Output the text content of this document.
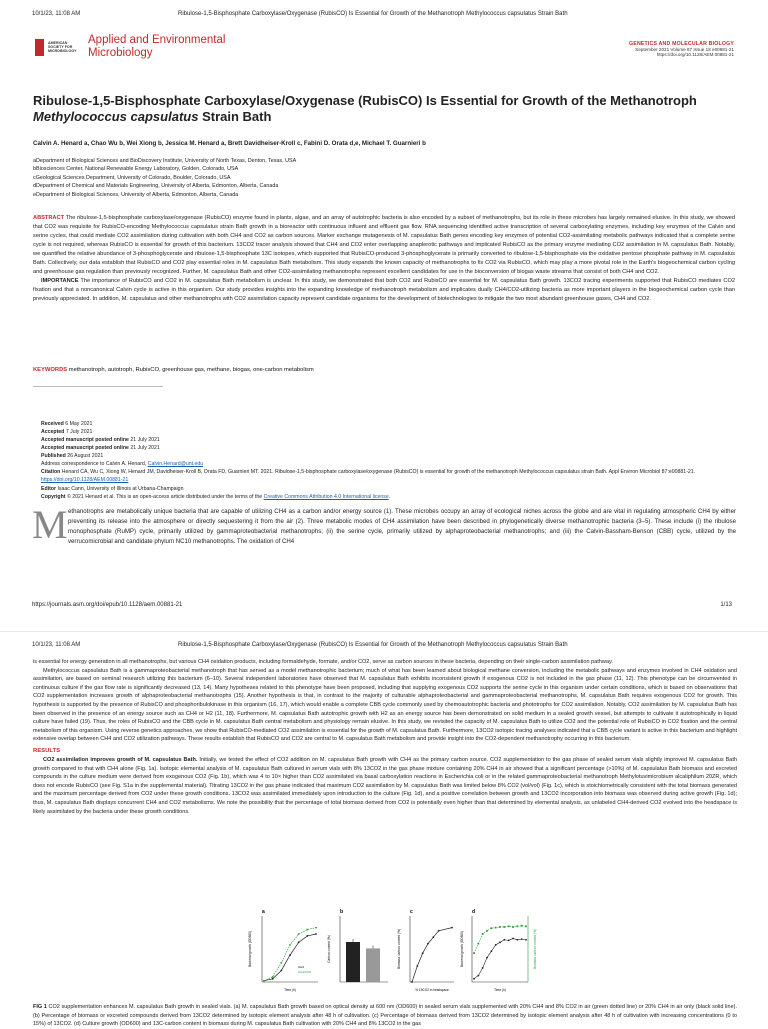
10/1/23, 11:08 AM	Ribulose-1,5-Bisphosphate Carboxylase/Oxygenase (RubisCO) Is Essential for Growth of the Methanotroph Methylococcus capsulatus Strain Bath
AMERICAN SOCIETY FOR MICROBIOLOGY
Applied and Environmental
Microbiology
GENETICS AND MOLECULAR BIOLOGY
September 2021 Volume 87 Issue 18 e00881-21
https://doi.org/10.1128/AEM.00881-21
Ribulose-1,5-Bisphosphate Carboxylase/Oxygenase (RubisCO) Is Essential for Growth of the Methanotroph Methylococcus capsulatus Strain Bath
Calvin A. Henard a, Chao Wu b, Wei Xiong b, Jessica M. Henard a, Brett Davidheiser-Kroll c, Fabini D. Orata d,e, Michael T. Guarnieri b
aDepartment of Biological Sciences and BioDiscovery Institute, University of North Texas, Denton, Texas, USA
bBiosciences Center, National Renewable Energy Laboratory, Golden, Colorado, USA
cGeological Sciences Department, University of Colorado, Boulder, Colorado, USA
dDepartment of Chemical and Materials Engineering, University of Alberta, Edmonton, Alberta, Canada
eDepartment of Biological Sciences, University of Alberta, Edmonton, Alberta, Canada
ABSTRACT The ribulose-1,5-bisphosphate carboxylase/oxygenase (RubisCO) enzyme found in plants, algae, and an array of autotrophic bacteria is also encoded by a subset of methanotrophs, but its role in these microbes has largely remained elusive. In this study, we showed that CO2 was requisite for RubisCO-encoding Methylococcus capsulatus strain Bath growth in a bioreactor with continuous influent and effluent gas flow. RNA sequencing identified active transcription of several carboxylating enzymes, including key enzymes of the Calvin and serine cycles, that could mediate CO2 assimilation during cultivation with both CH4 and CO2 as carbon sources. Marker exchange mutagenesis of M. capsulatus Bath genes encoding key enzymes of potential CO2-assimilating metabolic pathways indicated that a complete serine cycle is not required, whereas RubisCO is essential for growth of this bacterium. 13CO2 tracer analysis showed that CH4 and CO2 enter overlapping anaplerotic pathways and implicated RubisCO as the primary enzyme mediating CO2 assimilation in M. capsulatus Bath. Notably, we quantified the relative abundance of 3-phosphoglycerate and ribulose-1,5-bisphosphate 13C isotopes, which supported that RubisCO-produced 3-phosphoglycerate is primarily converted to ribulose-1,5-bisphosphate via the oxidative pentose phosphate pathway in M. capsulatus Bath. Collectively, our data establish that RubisCO and CO2 play essential roles in M. capsulatus Bath metabolism. This study expands the known capacity of methanotrophs to fix CO2 via RubisCO, which may play a more pivotal role in the Earth's biogeochemical carbon cycling and greenhouse gas regulation than previously recognized. Further, M. capsulatus Bath and other CO2-assimilating methanotrophs represent excellent candidates for use in the bioconversion of biogas waste streams that consist of both CH4 and CO2.
IMPORTANCE The importance of RubisCO and CO2 in M. capsulatus Bath metabolism is unclear. In this study, we demonstrated that both CO2 and RubisCO are essential for M. capsulatus Bath growth. 13CO2 tracing experiments supported that RubisCO mediates CO2 fixation and that a noncanonical Calvin cycle is active in this organism. Our study provides insights into the expanding knowledge of methanotroph metabolism and implicates dually CH4/CO2-utilizing bacteria as more important players in the biogeochemical carbon cycle than previously appreciated. In addition, M. capsulatus and other methanotrophs with CO2 assimilation capacity represent candidate organisms for the development of biotechnologies to mitigate the two most abundant greenhouse gases, CH4 and CO2.
KEYWORDS methanotroph, autotroph, RubisCO, greenhouse gas, methane, biogas, one-carbon metabolism
Received 6 May 2021
Accepted 7 July 2021
Accepted manuscript posted online 21 July 2021
Accepted manuscript posted online 21 July 2021
Published 26 August 2021
Address correspondence to Calvin A. Henard, Calvin.Henard@unt.edu
Citation Henard CA, Wu C, Xiong W, Henard JM, Davidheiser-Kroll B, Orata FD, Guarnieri MT. 2021. Ribulose-1,5-bisphosphate carboxylase/oxygenase (RubisCO) is essential for growth of the methanotroph Methylococcus capsulatus strain Bath. Appl Environ Microbiol 87:e00881-21. https://doi.org/10.1128/AEM.00881-21
Editor Isaac Cann, University of Illinois at Urbana-Champaign
Copyright © 2021 Henard et al. This is an open-access article distributed under the terms of the Creative Commons Attribution 4.0 International license.
M ethanotrophs are metabolically unique bacteria that are capable of utilizing CH4 as a carbon and/or energy source (1). These microbes occupy an array of ecological niches across the globe and are vital in regulating atmospheric CH4 by either preventing its release into the atmosphere or directly sequestering it from the air (2). Three metabolic modes of CH4 assimilation have been described in phylogenetically diverse methanotrophic bacteria (3–5). These include (i) the ribulose monophosphate (RuMP) cycle, primarily utilized by gammaproteobacterial methanotrophs; (ii) the serine cycle, primarily utilized by alphaproteobacterial methanotrophs; and (iii) the Calvin-Bassham-Benson (CBB) cycle, utilized by the verrucomicrobial and candidate phylum NC10 methanotrophs. The oxidation of CH4
https://journals.asm.org/doi/epub/10.1128/aem.00881-21	1/13
10/1/23, 11:08 AM	Ribulose-1,5-Bisphosphate Carboxylase/Oxygenase (RubisCO) Is Essential for Growth of the Methanotroph Methylococcus capsulatus Strain Bath
is essential for energy generation in all methanotrophs, but various CH4 oxidation products, including formaldehyde, formate, and/or CO2, serve as carbon sources in these bacteria, depending on their single-carbon assimilation pathway.
Methylococcus capsulatus Bath is a gammaproteobacterial methanotroph that has served as a model methanotrophic bacterium; much of what has been learned about biological methane conversion, including the metabolic pathways and enzymes involved in CH4 oxidation and assimilation, are based on seminal research utilizing this bacterium (6–10). Several independent laboratories have observed that M. capsulatus Bath exhibits inconsistent growth if exogenous CO2 is not included in the gas phase (11, 12). This phenotype can be circumvented in continuous culture if the gas flow rate is significantly decreased (13, 14). Many hypotheses related to this phenotype have been proposed, including that supplying exogenous CO2 supports the serine cycle in this organism under certain conditions, which is based on observations that CO2 supplementation increases growth of alphaproteobacterial methanotrophs (15). Another hypothesis is that, in contrast to the majority of culturable alphaproteobacterial and gammaproteobacterial methanotrophs, M. capsulatus Bath requires exogenous CO2 for growth. This hypothesis is supported by the presence of RubisCO and phosphoribulokinase in this organism (16, 17), which would enable a complete CBB cycle commonly used by chemoautotrophic bacteria and phototrophs for CO2 assimilation. Notably, CO2 assimilation by M. capsulatus Bath has been observed in the presence of an energy source such as CH4 or H2 (11, 18). Furthermore, M. capsulatus Bath autotrophic growth with H2 as an energy source has been demonstrated on solid medium in a sealed growth vessel, but attempts to cultivate it autotrophically in liquid culture have failed (19). Thus, the roles of RubisCO and the CBB cycle in M. capsulatus Bath central metabolism and physiology remain elusive. In this study, we revisited the capacity of M. capsulatus Bath to utilize CO2 and the potential role of RubisCO in CO2 fixation and the central metabolism of this organism. Using reverse genetics approaches, we show that RubisCO-mediated CO2 assimilation is essential for the growth of M. capsulatus Bath. Furthermore, 13CO2 isotopic tracing analyses indicated that a CBB cycle variant is active in this bacterium and highlight extensive overlap between CH4 and CO2 utilization pathways. These results establish that RubisCO and CO2 are central to M. capsulatus Bath metabolism and provide insight into the CO2-dependent methanotrophy occurring in this bacterium.
RESULTS
CO2 assimilation improves growth of M. capsulatus Bath. Initially, we tested the effect of CO2 addition on M. capsulatus Bath growth with CH4 as the primary carbon source. CO2 supplementation to the gas phase of sealed serum vials slightly improved M. capsulatus Bath growth compared to that with CH4 alone (Fig. 1a). Isotopic elemental analysis of M. capsulatus Bath cultured in serum vials with 8% 13CO2 in the gas phase mixture containing 20% CH4 in air showed that a significant percentage (>10%) of M. capsulatus Bath biomass and excreted compounds in the culture medium were derived from exogenous CO2 (Fig. 1b), which was 4 to 10× higher than CO2 assimilated via basal carboxylation reactions in Escherichia coli or in the related gammaproteobacterial methanotroph Methylotuvimicrobium alcaliphilum 20ZR, which does not encode RubisCO (see Fig. S1a in the supplemental material). Titrating 13CO2 in the gas phase indicated that maximum CO2 assimilation by M. capsulatus Bath was limited below 8% CO2 (vol/vol) (Fig. 1c), which is stoichiometrically consistent with the total biomass generated and the maximum percentage derived from CO2 under these growth conditions. 13CO2 was assimilated immediately upon introduction to the culture (Fig. 1d), and a positive correlation between growth and 13CO2 incorporation into biomass was observed during active growth (Fig. 1d); thus, M. capsulatus Bath displays concurrent CH4 and CO2 metabolisms. We note the possibility that the percentage of total biomass derived from CO2 is potentially even higher than that determined by elemental analysis, as unlabeled CH4-derived CO2 evolved into the headspace is likely assimilated by the bacteria under these growth conditions.
a
Bacterial growth (OD600)
Time (h)
CH4
CH4/CO2
b
Carbon content (%)
c
Biomass carbon content (%)
% 13CO2 in headspace
d
Bacterial growth (OD600)	Biomass carbon content (%)
Time (h)
FIG 1 CO2 supplementation enhances M. capsulatus Bath growth in sealed vials. (a) M. capsulatus Bath growth based on optical density at 600 nm (OD600) in sealed serum vials supplemented with 20% CH4 and 8% CO2 in air (green dotted line) or 20% CH4 in air only (black solid line). (b) Percentage of biomass or excreted compounds derived from 13CO2 determined by isotopic element analysis after 48 h of cultivation. (c) Percentage of biomass derived from 13CO2 determined by isotopic element analysis after 48 h of cultivation with increasing concentrations (0 to 15%) of 13CO2. (d) Culture growth (OD600) and 13C-carbon content in biomass during M. capsulatus Bath cultivation with 20% CH4 and 8% 13CO2 in the gas
